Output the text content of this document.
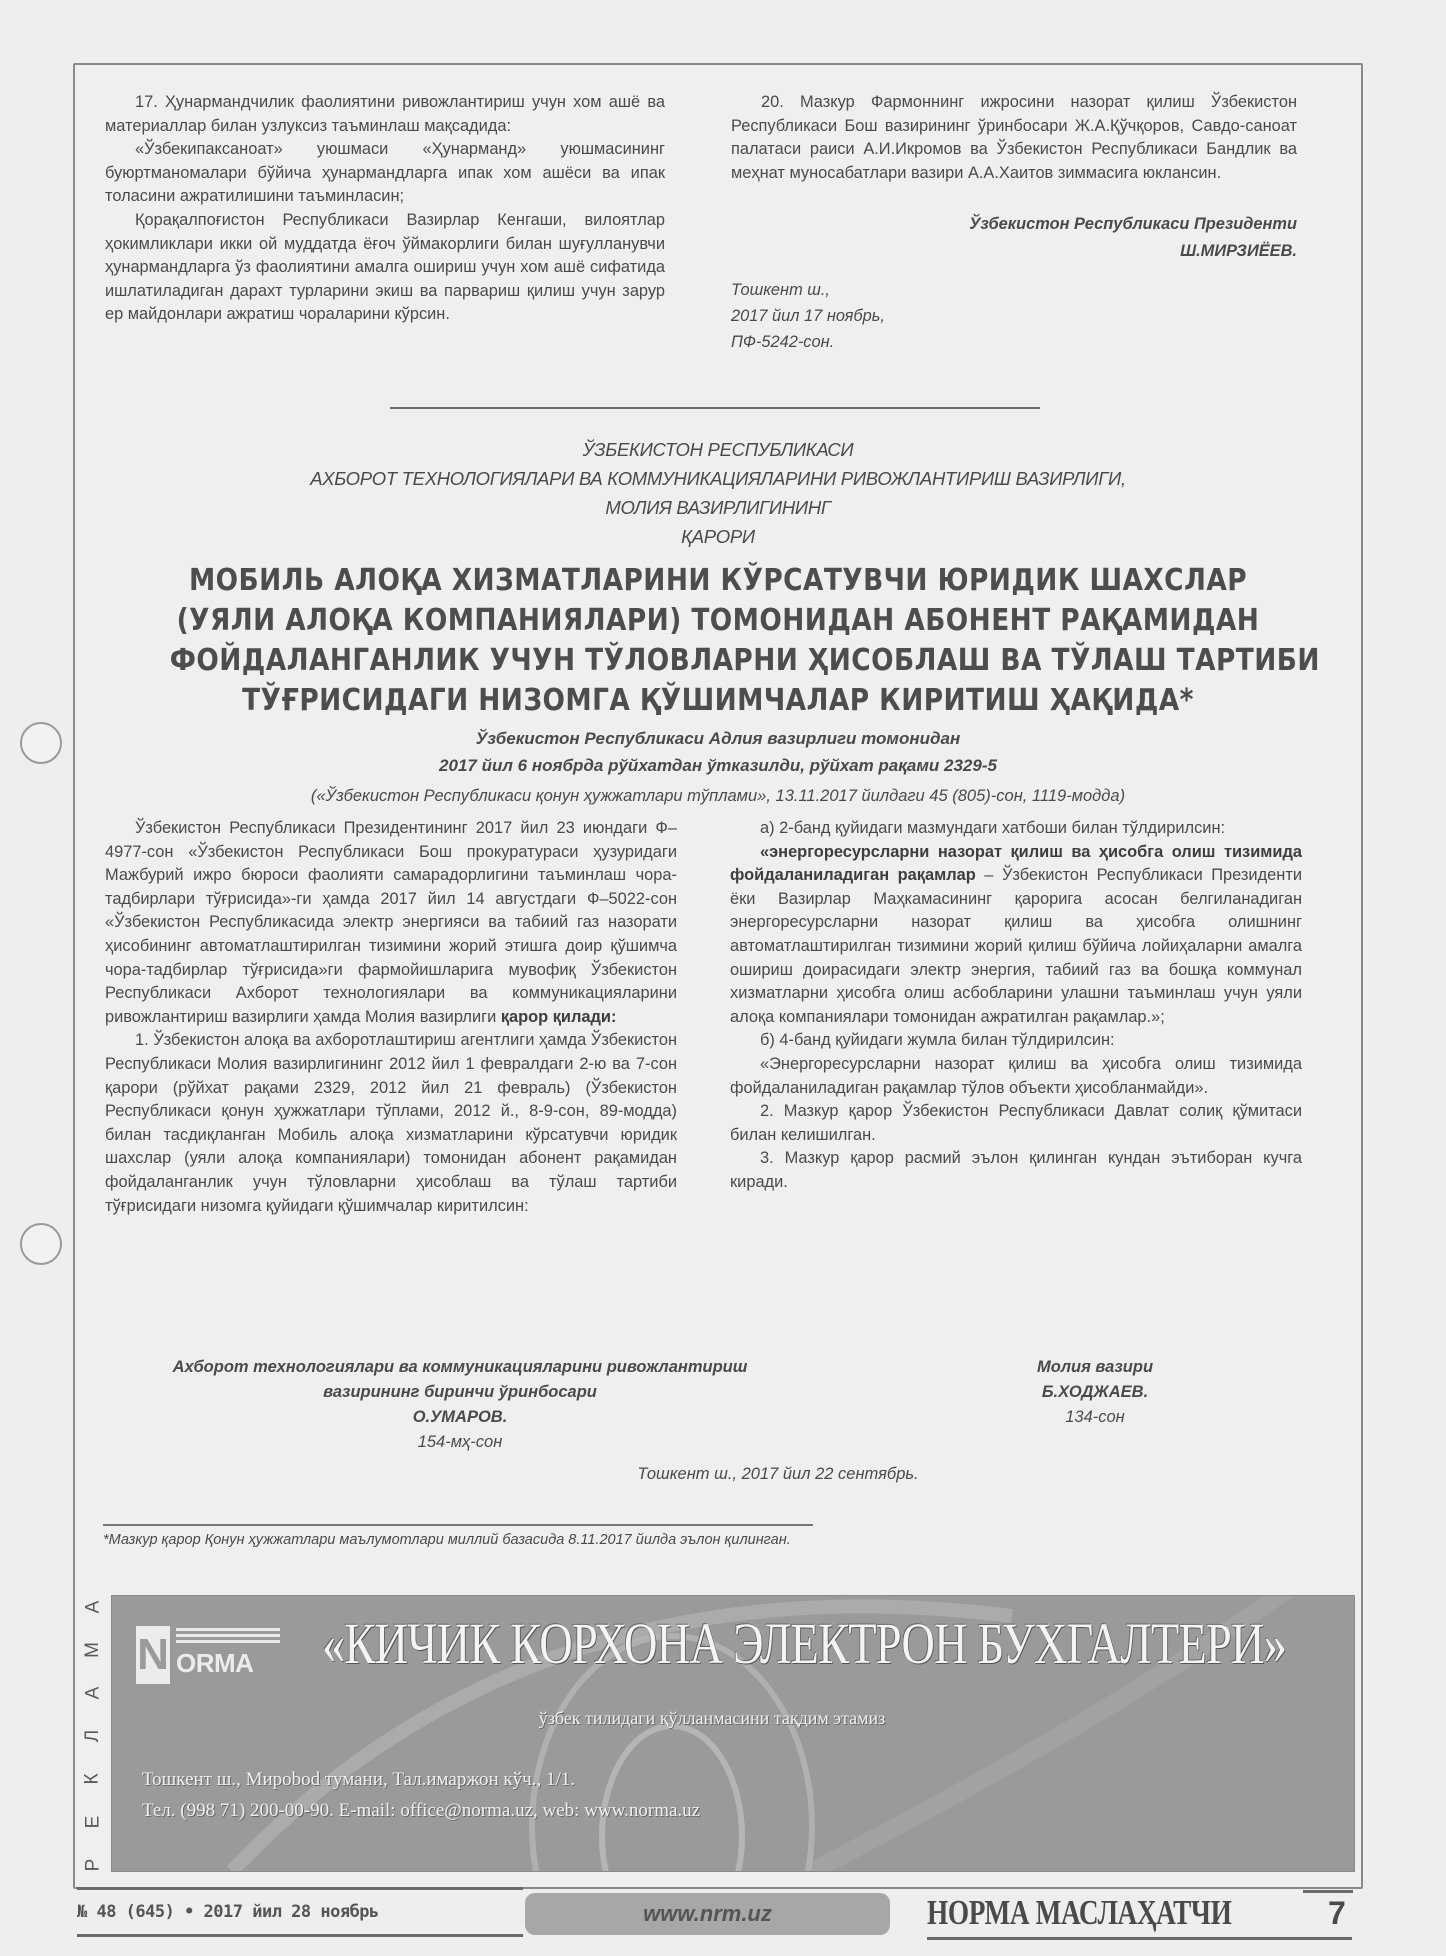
17. Ҳунармандчилик фаолиятини ривожлантириш учун хом ашё ва материаллар билан узлуксиз таъминлаш мақсадида:

«Ўзбекипаксаноат» уюшмаси «Ҳунарманд» уюшмасининг буюртманомалари бўйича ҳунармандларга ипак хом ашёси ва ипак толасини ажратилишини таъминласин;

Қорақалпоғистон Республикаси Вазирлар Кенгаши, вилоятлар ҳокимликлари икки ой муддатда ёғоч ўймакорлиги билан шуғулланувчи ҳунармандларга ўз фаолиятини амалга ошириш учун хом ашё сифатида ишлатиладиган дарахт турларини экиш ва парвариш қилиш учун зарур ер майдонлари ажратиш чораларини кўрсин.

20. Мазкур Фармоннинг ижросини назорат қилиш Ўзбекистон Республикаси Бош вазирининг ўринбосари Ж.А.Қўчқоров, Савдо-саноат палатаси раиси А.И.Икромов ва Ўзбекистон Республикаси Бандлик ва меҳнат муносабатлари вазири А.А.Хаитов зиммасига юклансин.

Ўзбекистон Республикаси Президенти
Ш.МИРЗИЁЕВ.
Тошкент ш.,
2017 йил 17 ноябрь,
ПФ-5242-сон.
ЎЗБЕКИСТОН РЕСПУБЛИКАСИ
АХБОРОТ ТЕХНОЛОГИЯЛАРИ ВА КОММУНИКАЦИЯЛАРИНИ РИВОЖЛАНТИРИШ ВАЗИРЛИГИ,
МОЛИЯ ВАЗИРЛИГИНИНГ
ҚАРОРИ
МОБИЛЬ АЛОҚА ХИЗМАТЛАРИНИ КЎРСАТУВЧИ ЮРИДИК ШАХСЛАР
(УЯЛИ АЛОҚА КОМПАНИЯЛАРИ) ТОМОНИДАН АБОНЕНТ РАҚАМИДАН
ФОЙДАЛАНГАНЛИК УЧУН ТЎЛОВЛАРНИ ҲИСОБЛАШ ВА ТЎЛАШ ТАРТИБИ
ТЎҒРИСИДАГИ НИЗОМГА ҚЎШИМЧАЛАР КИРИТИШ ҲАҚИДА*
Ўзбекистон Республикаси Адлия вазирлиги томонидан
2017 йил 6 ноябрда рўйхатдан ўтказилди, рўйхат рақами 2329-5
(«Ўзбекистон Республикаси қонун ҳужжатлари тўплами», 13.11.2017 йилдаги 45 (805)-сон, 1119-модда)

Ўзбекистон Республикаси Президентининг 2017 йил 23 июндаги Ф–4977-сон «Ўзбекистон Республикаси Бош прокуратураси ҳузуридаги Мажбурий ижро бюроси фаолияти самарадорлигини таъминлаш чора-тадбирлари тўғрисида»-ги ҳамда 2017 йил 14 августдаги Ф–5022-сон «Ўзбекистон Республикасида электр энергияси ва табиий газ назорати ҳисобининг автоматлаштирилган тизимини жорий этишга доир қўшимча чора-тадбирлар тўғрисида»ги фармойишларига мувофиқ Ўзбекистон Республикаси Ахборот технологиялари ва коммуникацияларини ривожлантириш вазирлиги ҳамда Молия вазирлиги қарор қилади:

1. Ўзбекистон алоқа ва ахборотлаштириш агентлиги ҳамда Ўзбекистон Республикаси Молия вазирлигининг 2012 йил 1 февралдаги 2-ю ва 7-сон қарори (рўйхат рақами 2329, 2012 йил 21 февраль) (Ўзбекистон Республикаси қонун ҳужжатлари тўплами, 2012 й., 8-9-сон, 89-модда) билан тасдиқланган Мобиль алоқа хизматларини кўрсатувчи юридик шахслар (уяли алоқа компаниялари) томонидан абонент рақамидан фойдаланганлик учун тўловларни ҳисоблаш ва тўлаш тартиби тўғрисидаги низомга қуйидаги қўшимчалар киритилсин:

а) 2-банд қуйидаги мазмундаги хатбоши билан тўлдирилсин:

«энергоресурсларни назорат қилиш ва ҳисобга олиш тизимида фойдаланиладиган рақамлар – Ўзбекистон Республикаси Президенти ёки Вазирлар Маҳкамасининг қарорига асосан белгиланадиган энергоресурсларни назорат қилиш ва ҳисобга олишнинг автоматлаштирилган тизимини жорий қилиш бўйича лойиҳаларни амалга ошириш доирасидаги электр энергия, табиий газ ва бошқа коммунал хизматларни ҳисобга олиш асбобларини улашни таъминлаш учун уяли алоқа компаниялари томонидан ажратилган рақамлар.»;

б) 4-банд қуйидаги жумла билан тўлдирилсин:

«Энергоресурсларни назорат қилиш ва ҳисобга олиш тизимида фойдаланиладиган рақамлар тўлов объекти ҳисобланмайди».

2. Мазкур қарор Ўзбекистон Республикаси Давлат солиқ қўмитаси билан келишилган.

3. Мазкур қарор расмий эълон қилинган кундан эътиборан кучга киради.

Ахборот технологиялари ва коммуникацияларини ривожлантириш
вазирининг биринчи ўринбосари
О.УМАРОВ.
154-мҳ-сон
Молия вазири
Б.ХОДЖАЕВ.
134-сон
Тошкент ш., 2017 йил 22 сентябрь.
*Мазкур қарор Қонун ҳужжатлари маълумотлари миллий базасида 8.11.2017 йилда эълон қилинган.
Р
Е
К
Л
А
М
А
N ORMA «КИЧИК КОРХОНА ЭЛЕКТРОН БУХГАЛТЕРИ»
ўзбек тилидаги қўлланмасини тақдим этамиз
Тошкент ш., Мирobod тумани, Тал.имаржон кўч., 1/1.
Тел. (998 71) 200-00-90. E-mail: office@norma.uz, web: www.norma.uz
№ 48 (645) • 2017 йил 28 ноябрь	www.nrm.uz	НОРМА МАСЛАҲАТЧИ	7
